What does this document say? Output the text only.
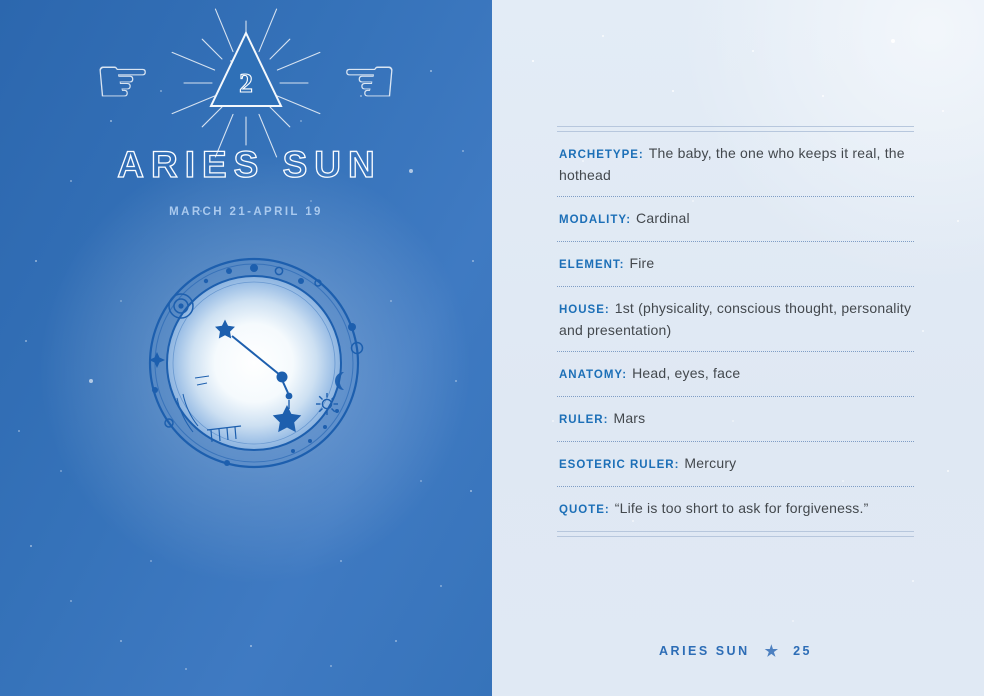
☞	☜
2
ARIES SUN
MARCH 21-APRIL 19

ARCHETYPE: The baby, the one who keeps it real, the hothead

MODALITY: Cardinal

ELEMENT: Fire

HOUSE: 1st (physicality, conscious thought, personality and presentation)

ANATOMY: Head, eyes, face

RULER: Mars

ESOTERIC RULER: Mercury

QUOTE: “Life is too short to ask for forgiveness.”

ARIES SUN ★ 25
